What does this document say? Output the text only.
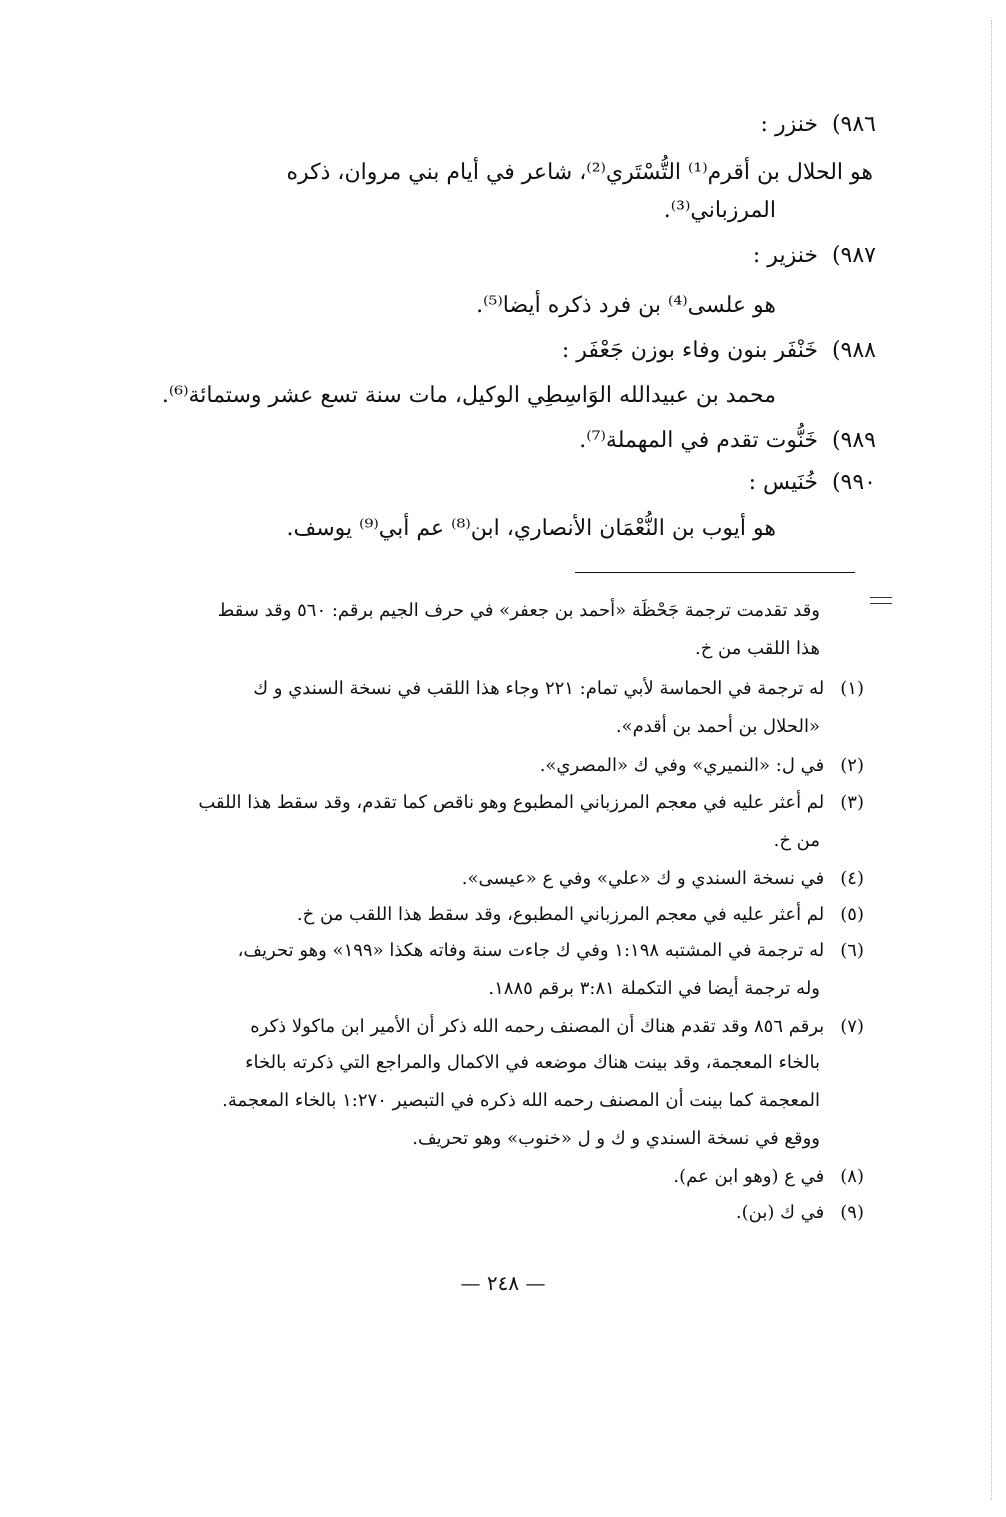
٩٨٦)خنزر :
هو الحلال بن أقرم⁽¹⁾ التُّسْتَري⁽²⁾، شاعر في أيام بني مروان، ذكره
المرزباني⁽³⁾.
٩٨٧)خنزير :
هو علسى⁽⁴⁾ بن فرد ذكره أيضا⁽⁵⁾.
٩٨٨)خَنْفَر بنون وفاء بوزن جَعْفَر :
محمد بن عبيدالله الوَاسِطِي الوكيل، مات سنة تسع عشر وستمائة⁽⁶⁾.
٩٨٩)خَنُّوت تقدم في المهملة⁽⁷⁾.
٩٩٠)خُنَيس :
هو أيوب بن النُّعْمَان الأنصاري، ابن⁽⁸⁾ عم أبي⁽⁹⁾ يوسف.
وقد تقدمت ترجمة جَحْظَة «أحمد بن جعفر» في حرف الجيم برقم: ٥٦٠ وقد سقط
هذا اللقب من خ.
(١)له ترجمة في الحماسة لأبي تمام: ٢٢١ وجاء هذا اللقب في نسخة السندي و ك
«الحلال بن أحمد بن أقدم».
(٢)في ل: «النميري» وفي ك «المصري».
(٣)لم أعثر عليه في معجم المرزباني المطبوع وهو ناقص كما تقدم، وقد سقط هذا اللقب
من خ.
(٤)في نسخة السندي و ك «علي» وفي ع «عيسى».
(٥)لم أعثر عليه في معجم المرزباني المطبوع، وقد سقط هذا اللقب من خ.
(٦)له ترجمة في المشتبه ١:١٩٨ وفي ك جاءت سنة وفاته هكذا «١٩٩» وهو تحريف،
وله ترجمة أيضا في التكملة ٣:٨١ برقم ١٨٨٥.
(٧)برقم ٨٥٦ وقد تقدم هناك أن المصنف رحمه الله ذكر أن الأمير ابن ماكولا ذكره
بالخاء المعجمة، وقد بينت هناك موضعه في الاكمال والمراجع التي ذكرته بالخاء
المعجمة كما بينت أن المصنف رحمه الله ذكره في التبصير ١:٢٧٠ بالخاء المعجمة.
ووقع في نسخة السندي و ك و ل «خنوب» وهو تحريف.
(٨)في ع (وهو ابن عم).
(٩)في ك (بن).
— ٢٤٨ —
